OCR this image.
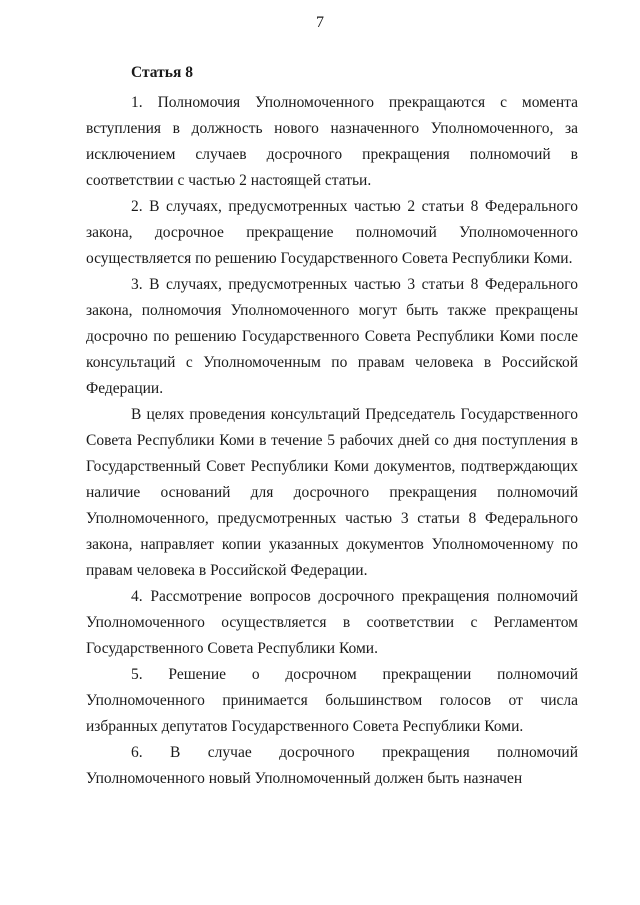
7
Статья 8

1. Полномочия Уполномоченного прекращаются с момента вступления в должность нового назначенного Уполномоченного, за исключением случаев досрочного прекращения полномочий в соответствии с частью 2 настоящей статьи.

2. В случаях, предусмотренных частью 2 статьи 8 Федерального закона, досрочное прекращение полномочий Уполномоченного осуществляется по решению Государственного Совета Республики Коми.

3. В случаях, предусмотренных частью 3 статьи 8 Федерального закона, полномочия Уполномоченного могут быть также прекращены досрочно по решению Государственного Совета Республики Коми после консультаций с Уполномоченным по правам человека в Российской Федерации.

В целях проведения консультаций Председатель Государственного Совета Республики Коми в течение 5 рабочих дней со дня поступления в Государственный Совет Республики Коми документов, подтверждающих наличие оснований для досрочного прекращения полномочий Уполномоченного, предусмотренных частью 3 статьи 8 Федерального закона, направляет копии указанных документов Уполномоченному по правам человека в Российской Федерации.

4. Рассмотрение вопросов досрочного прекращения полномочий Уполномоченного осуществляется в соответствии с Регламентом Государственного Совета Республики Коми.

5. Решение о досрочном прекращении полномочий Уполномоченного принимается большинством голосов от числа избранных депутатов Государственного Совета Республики Коми.

6. В случае досрочного прекращения полномочий Уполномоченного новый Уполномоченный должен быть назначен
